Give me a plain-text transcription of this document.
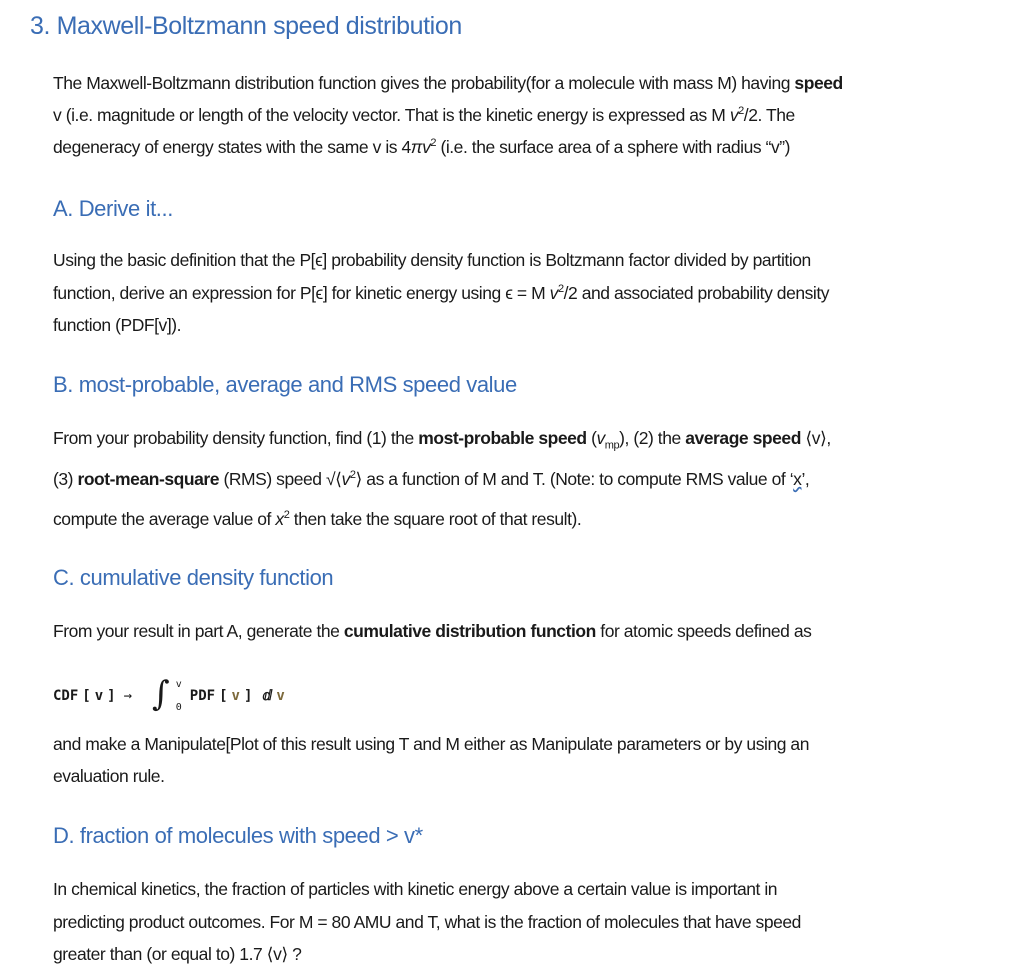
3. Maxwell-Boltzmann speed distribution
The Maxwell-Boltzmann distribution function gives the probability(for a molecule with mass M) having speed
v (i.e. magnitude or length of the velocity vector. That is the kinetic energy is expressed as M $v^2/2$. The
degeneracy of energy states with the same v is $4\pi v^2$ (i.e. the surface area of a sphere with radius “v”)
A. Derive it...
Using the basic definition that the P[ϵ] probability density function is Boltzmann factor divided by partition
function, derive an expression for P[ϵ] for kinetic energy using ϵ = M $v^2/2$ and associated probability density
function (PDF[v]).
B. most-probable, average and RMS speed value
From your probability density function, find (1) the most-probable speed $(v_{mp})$, (2) the average speed ⟨v⟩,
(3) root-mean-square (RMS) speed $√⟨v^2⟩$ as a function of M and T. (Note: to compute RMS value of ‘x’,
compute the average value of $x^2$ then take the square root of that result).
C. cumulative density function
From your result in part A, generate the cumulative distribution function for atomic speeds defined as
and make a Manipulate[Plot of this result using T and M either as Manipulate parameters or by using an
evaluation rule.
D. fraction of molecules with speed > v*
In chemical kinetics, the fraction of particles with kinetic energy above a certain value is important in
predicting product outcomes. For M = 80 AMU and T, what is the fraction of molecules that have speed
greater than (or equal to) 1.7 ⟨v⟩ ?
CDF [ v ] → ∫ v
0
PDF [ v ] ⅆ v
